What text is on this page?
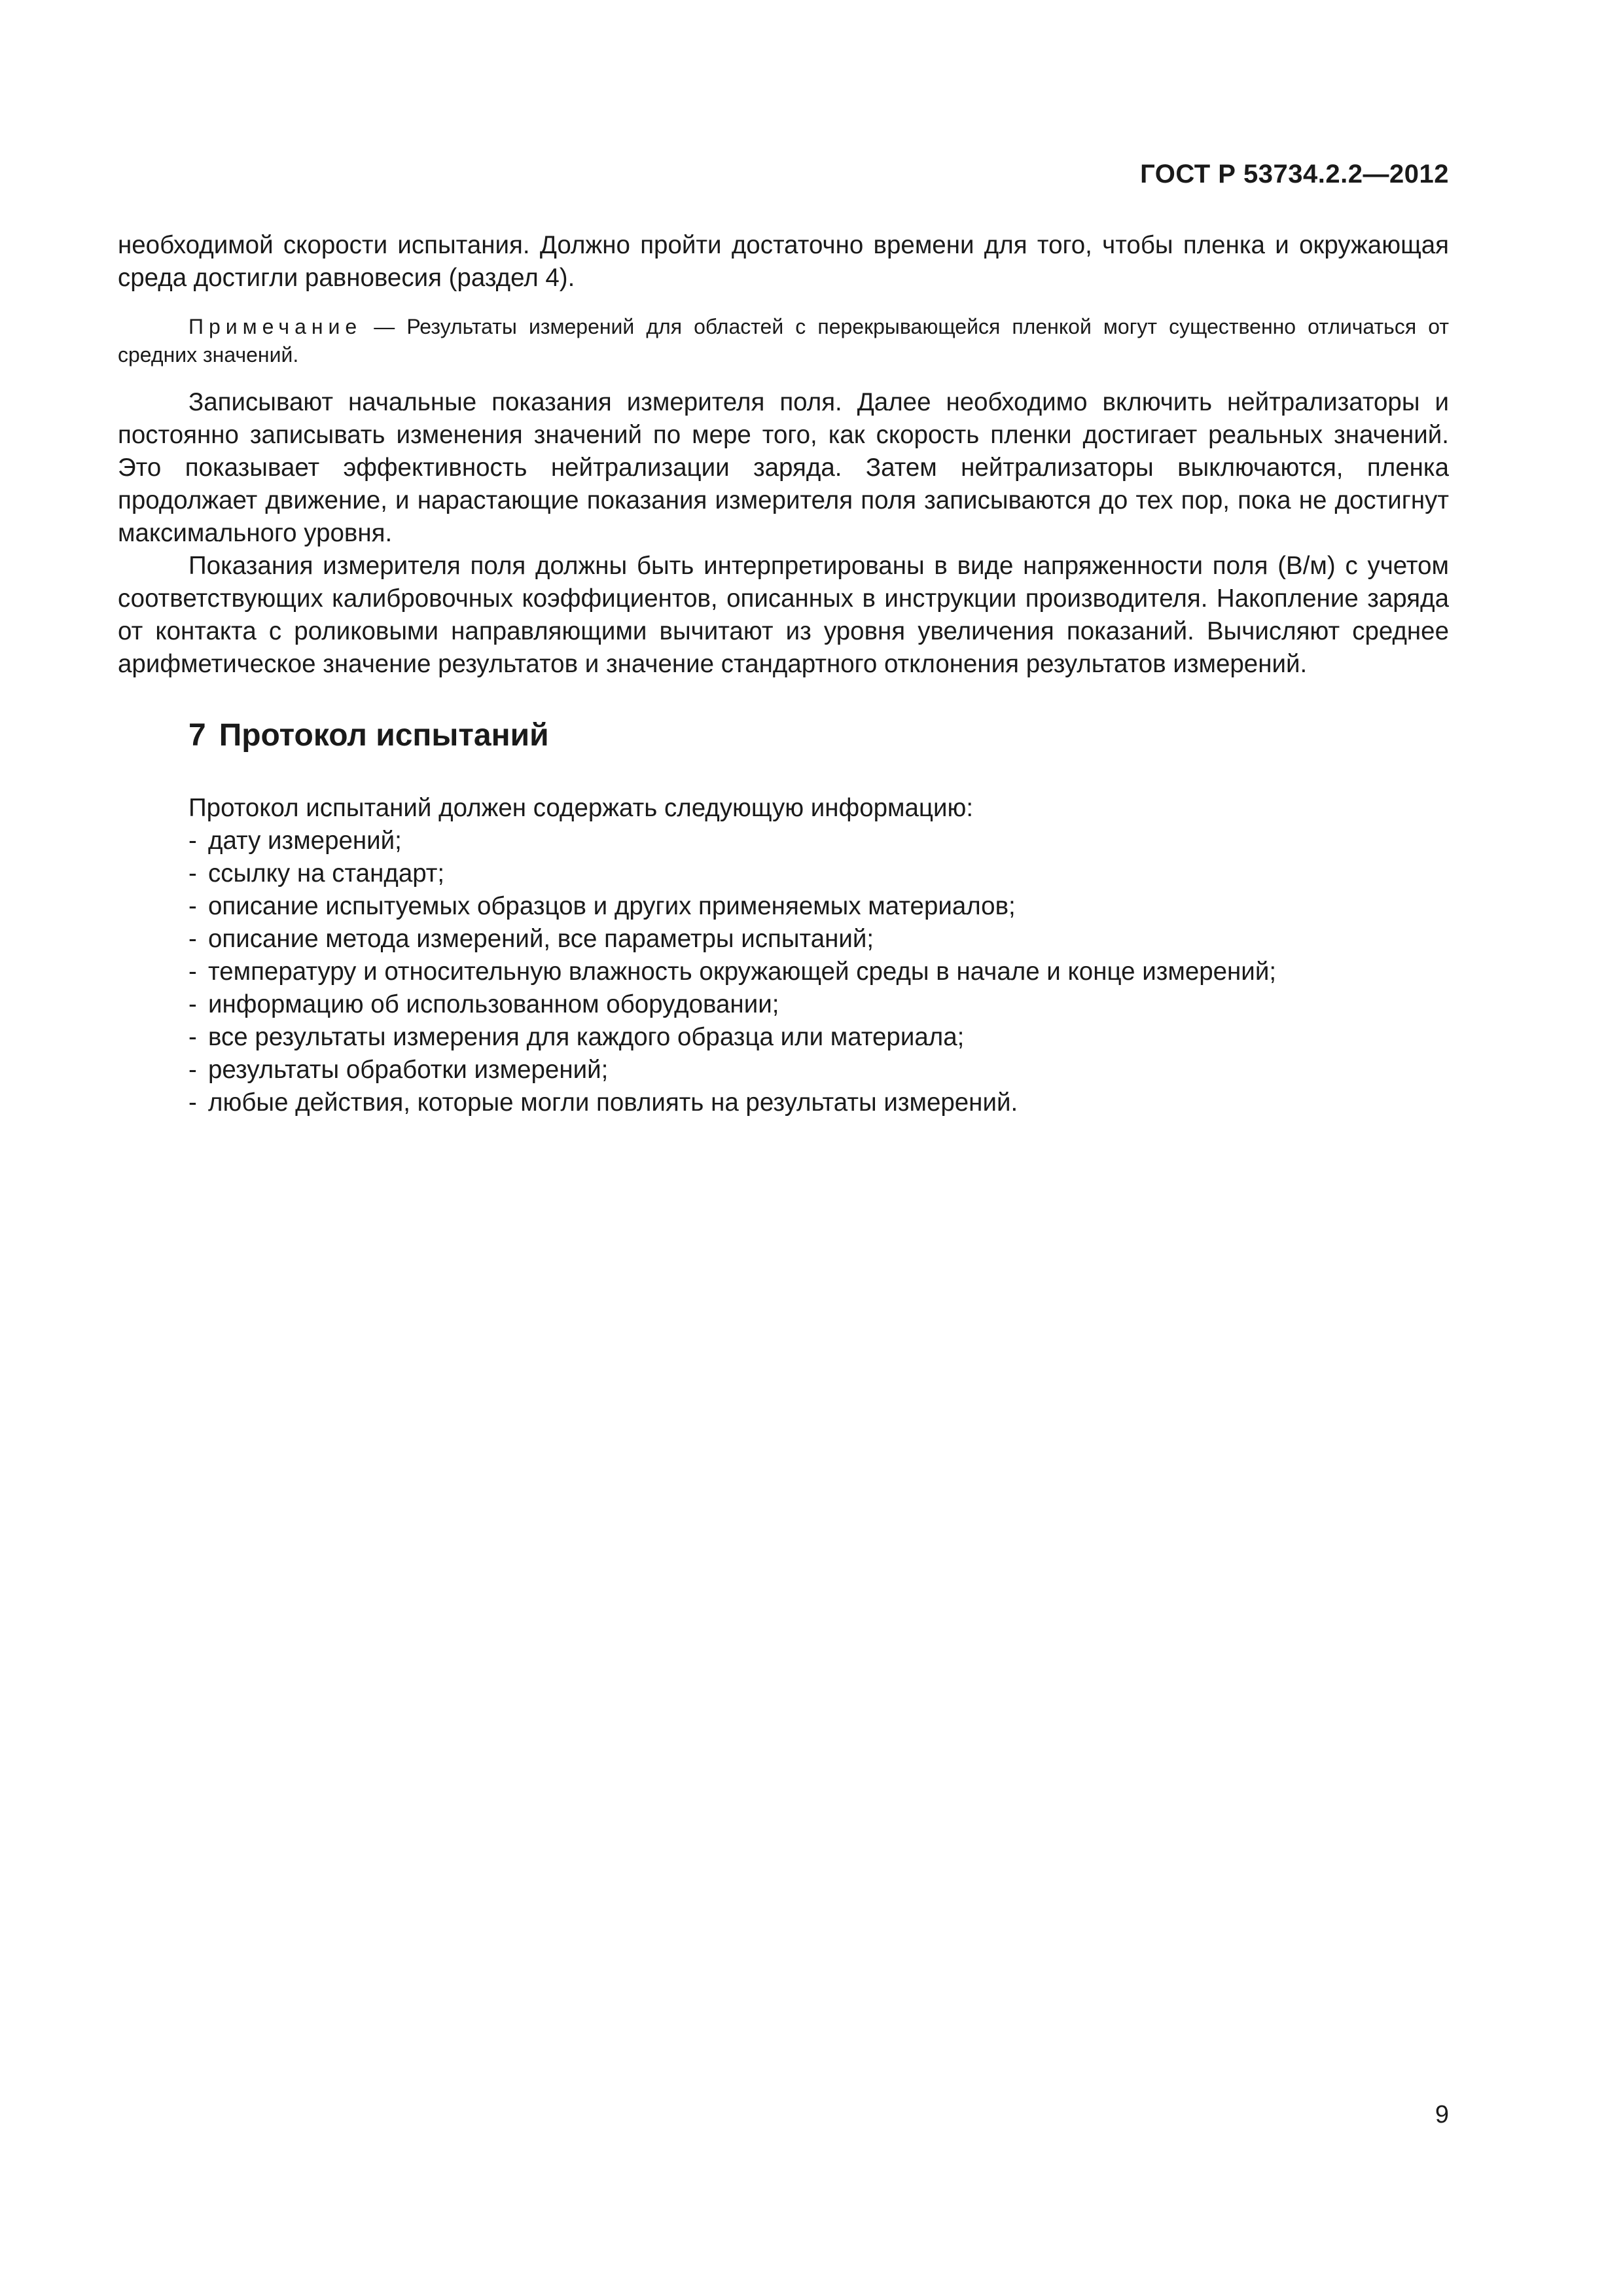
ГОСТ Р 53734.2.2—2012

необходимой скорости испытания. Должно пройти достаточно времени для того, чтобы пленка и окружающая среда достигли равновесия (раздел 4).

Примечание — Результаты измерений для областей с перекрывающейся пленкой могут существенно отличаться от средних значений.

Записывают начальные показания измерителя поля. Далее необходимо включить нейтрализаторы и постоянно записывать изменения значений по мере того, как скорость пленки достигает реальных значений. Это показывает эффективность нейтрализации заряда. Затем нейтрализаторы выключаются, пленка продолжает движение, и нарастающие показания измерителя поля записываются до тех пор, пока не достигнут максимального уровня.

Показания измерителя поля должны быть интерпретированы в виде напряженности поля (В/м) с учетом соответствующих калибровочных коэффициентов, описанных в инструкции производителя. Накопление заряда от контакта с роликовыми направляющими вычитают из уровня увеличения показаний. Вычисляют среднее арифметическое значение результатов и значение стандартного отклонения результатов измерений.

7 Протокол испытаний

Протокол испытаний должен содержать следующую информацию:

- дату измерений;
- ссылку на стандарт;
- описание испытуемых образцов и других применяемых материалов;
- описание метода измерений, все параметры испытаний;
- температуру и относительную влажность окружающей среды в начале и конце измерений;
- информацию об использованном оборудовании;
- все результаты измерения для каждого образца или материала;
- результаты обработки измерений;
- любые действия, которые могли повлиять на результаты измерений.
9
